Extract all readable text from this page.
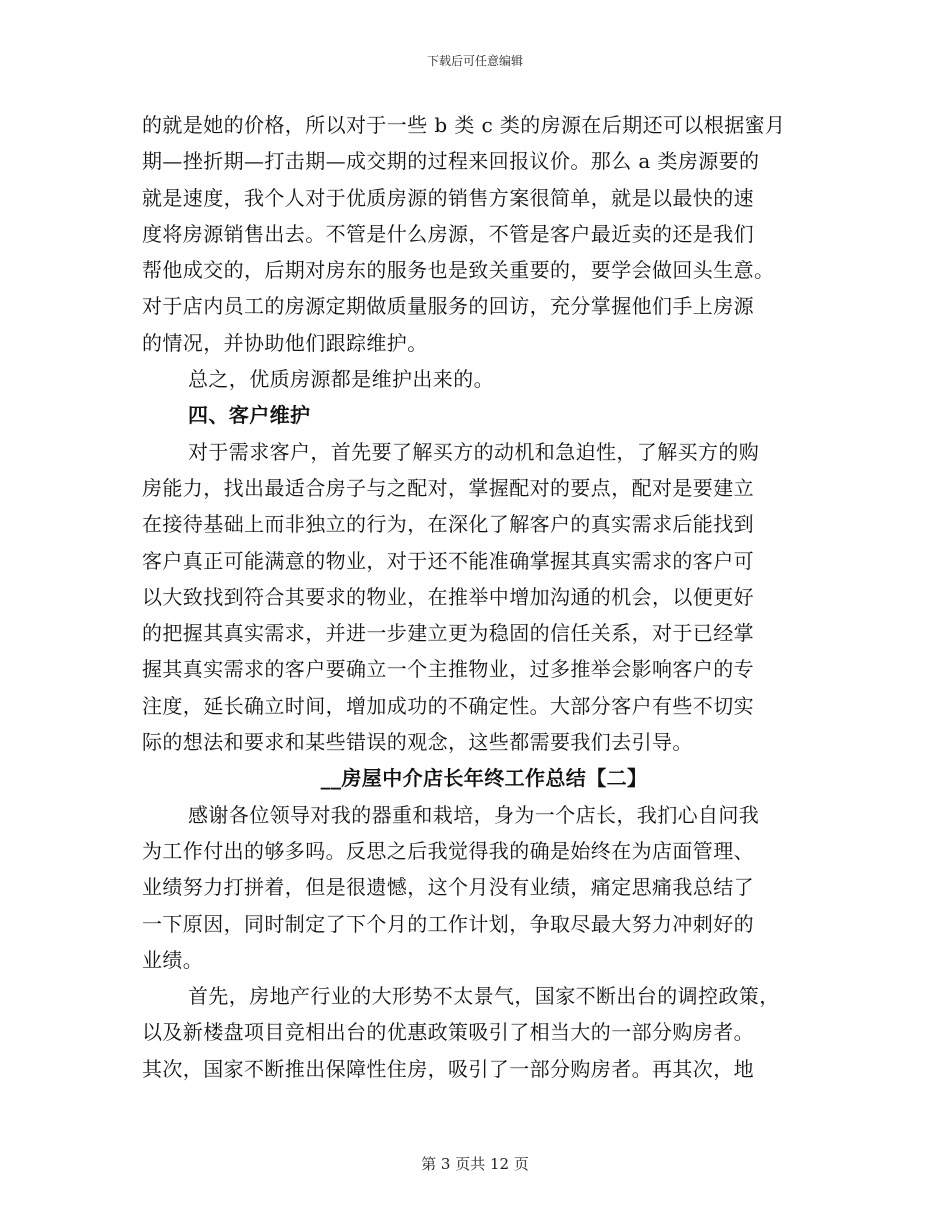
下载后可任意编辑
的就是她的价格，所以对于一些 b 类 c 类的房源在后期还可以根据蜜月
期—挫折期—打击期—成交期的过程来回报议价。那么 a 类房源要的
就是速度，我个人对于优质房源的销售方案很简单，就是以最快的速
度将房源销售出去。不管是什么房源，不管是客户最近卖的还是我们
帮他成交的，后期对房东的服务也是致关重要的，要学会做回头生意。
对于店内员工的房源定期做质量服务的回访，充分掌握他们手上房源
的情况，并协助他们跟踪维护。
总之，优质房源都是维护出来的。
四、客户维护
对于需求客户，首先要了解买方的动机和急迫性，了解买方的购
房能力，找出最适合房子与之配对，掌握配对的要点，配对是要建立
在接待基础上而非独立的行为，在深化了解客户的真实需求后能找到
客户真正可能满意的物业，对于还不能准确掌握其真实需求的客户可
以大致找到符合其要求的物业，在推举中增加沟通的机会，以便更好
的把握其真实需求，并进一步建立更为稳固的信任关系，对于已经掌
握其真实需求的客户要确立一个主推物业，过多推举会影响客户的专
注度，延长确立时间，增加成功的不确定性。大部分客户有些不切实
际的想法和要求和某些错误的观念，这些都需要我们去引导。
__房屋中介店长年终工作总结【二】
感谢各位领导对我的器重和栽培，身为一个店长，我扪心自问我
为工作付出的够多吗。反思之后我觉得我的确是始终在为店面管理、
业绩努力打拼着，但是很遗憾，这个月没有业绩，痛定思痛我总结了
一下原因，同时制定了下个月的工作计划，争取尽最大努力冲刺好的
业绩。
首先，房地产行业的大形势不太景气，国家不断出台的调控政策，
以及新楼盘项目竞相出台的优惠政策吸引了相当大的一部分购房者。
其次，国家不断推出保障性住房，吸引了一部分购房者。再其次，地
第 3 页共 12 页
